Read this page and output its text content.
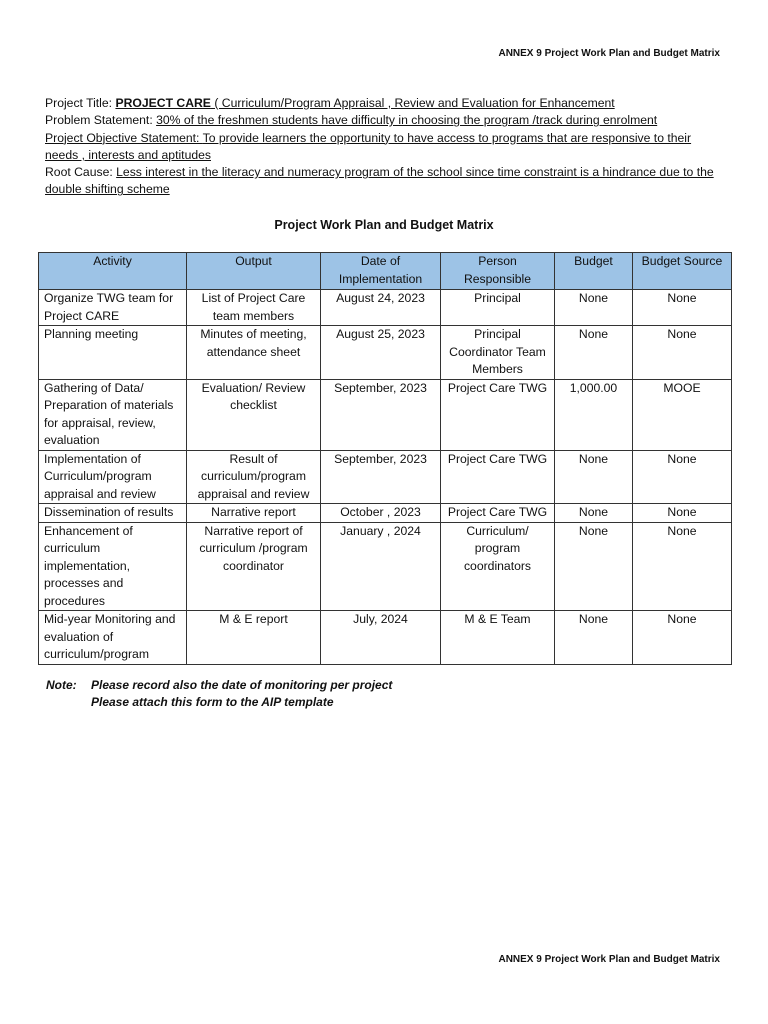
ANNEX 9 Project Work Plan and Budget Matrix

Project Title: PROJECT CARE ( Curriculum/Program Appraisal , Review and Evaluation for Enhancement

Problem Statement: 30% of the freshmen students have difficulty in choosing the program /track during enrolment

Project Objective Statement: To provide learners the opportunity to have access to programs that are responsive to their needs , interests and aptitudes

Root Cause: Less interest in the literacy and numeracy program of the school since time constraint is a hindrance due to the double shifting scheme

Project Work Plan and Budget Matrix
Activity	Output	Date of Implementation	Person Responsible	Budget	Budget Source
Organize TWG team for Project CARE	List of Project Care team members	August 24, 2023	Principal	None	None
Planning meeting	Minutes of meeting, attendance sheet	August 25, 2023	Principal Coordinator Team Members	None	None
Gathering of Data/ Preparation of materials for appraisal, review, evaluation	Evaluation/ Review checklist	September, 2023	Project Care TWG	1,000.00	MOOE
Implementation of Curriculum/program appraisal and review	Result of curriculum/program appraisal and review	September, 2023	Project Care TWG	None	None
Dissemination of results	Narrative report	October , 2023	Project Care TWG	None	None
Enhancement of curriculum implementation, processes and procedures	Narrative report of curriculum /program coordinator	January , 2024	Curriculum/ program coordinators	None	None
Mid-year Monitoring and evaluation of curriculum/program	M & E report	July, 2024	M & E Team	None	None
Note: Please record also the date of monitoring per project
Please attach this form to the AIP template
ANNEX 9 Project Work Plan and Budget Matrix
